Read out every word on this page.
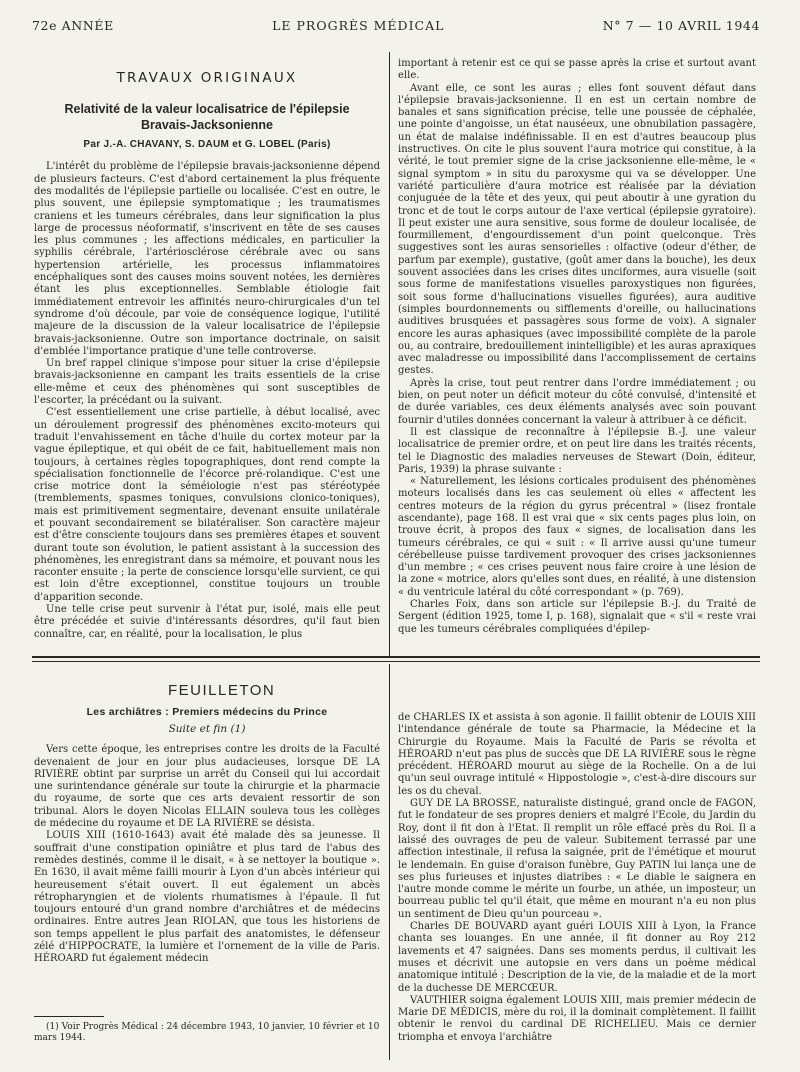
72e ANNÉE	LE PROGRÈS MÉDICAL	N° 7 — 10 AVRIL 1944
TRAVAUX ORIGINAUX
Relativité de la valeur localisatrice de l'épilepsie Bravais-Jacksonienne
Par J.-A. CHAVANY, S. DAUM et G. LOBEL (Paris)

L'intérêt du problème de l'épilepsie bravais-jacksonienne dépend de plusieurs facteurs. C'est d'abord certainement la plus fréquente des modalités de l'épilepsie partielle ou localisée. C'est en outre, le plus souvent, une épilepsie symptomatique ; les traumatismes craniens et les tumeurs cérébrales, dans leur signification la plus large de processus néoformatif, s'inscrivent en tête de ses causes les plus communes ; les affections médicales, en particulier la syphilis cérébrale, l'artériosclérose cérébrale avec ou sans hypertension artérielle, les processus inflammatoires encéphaliques sont des causes moins souvent notées, les dernières étant les plus exceptionnelles. Semblable étiologie fait immédiatement entrevoir les affinités neuro-chirurgicales d'un tel syndrome d'où découle, par voie de conséquence logique, l'utilité majeure de la discussion de la valeur localisatrice de l'épilepsie bravais-jacksonienne. Outre son importance doctrinale, on saisit d'emblée l'importance pratique d'une telle controverse.

Un bref rappel clinique s'impose pour situer la crise d'épilepsie bravais-jacksonienne en campant les traits essentiels de la crise elle-même et ceux des phénomènes qui sont susceptibles de l'escorter, la précédant ou la suivant.

C'est essentiellement une crise partielle, à début localisé, avec un déroulement progressif des phénomènes excito-moteurs qui traduit l'envahissement en tâche d'huile du cortex moteur par la vague épileptique, et qui obéit de ce fait, habituellement mais non toujours, à certaines règles topographiques, dont rend compte la spécialisation fonctionnelle de l'écorce pré-rolandique. C'est une crise motrice dont la séméiologie n'est pas stéréotypée (tremblements, spasmes toniques, convulsions clonico-toniques), mais est primitivement segmentaire, devenant ensuite unilatérale et pouvant secondairement se bilatéraliser. Son caractère majeur est d'être consciente toujours dans ses premières étapes et souvent durant toute son évolution, le patient assistant à la succession des phénomènes, les enregistrant dans sa mémoire, et pouvant nous les raconter ensuite ; la perte de conscience lorsqu'elle survient, ce qui est loin d'être exceptionnel, constitue toujours un trouble d'apparition seconde.

Une telle crise peut survenir à l'état pur, isolé, mais elle peut être précédée et suivie d'intéressants désordres, qu'il faut bien connaître, car, en réalité, pour la localisation, le plus

important à retenir est ce qui se passe après la crise et surtout avant elle.

Avant elle, ce sont les auras ; elles font souvent défaut dans l'épilepsie bravais-jacksonienne. Il en est un certain nombre de banales et sans signification précise, telle une poussée de céphalée, une pointe d'angoisse, un état nauséeux, une obnubilation passagère, un état de malaise indéfinissable. Il en est d'autres beaucoup plus instructives. On cite le plus souvent l'aura motrice qui constitue, à la vérité, le tout premier signe de la crise jacksonienne elle-même, le « signal symptom » in situ du paroxysme qui va se développer. Une variété particulière d'aura motrice est réalisée par la déviation conjuguée de la tête et des yeux, qui peut aboutir à une gyration du tronc et de tout le corps autour de l'axe vertical (épilepsie gyratoire). Il peut exister une aura sensitive, sous forme de douleur localisée, de fourmillement, d'engourdissement d'un point quelconque. Très suggestives sont les auras sensorielles : olfactive (odeur d'éther, de parfum par exemple), gustative, (goût amer dans la bouche), les deux souvent associées dans les crises dites unciformes, aura visuelle (soit sous forme de manifestations visuelles paroxystiques non figurées, soit sous forme d'hallucinations visuelles figurées), aura auditive (simples bourdonnements ou sifflements d'oreille, ou hallucinations auditives brusquées et passagères sous forme de voix). A signaler encore les auras aphasiques (avec impossibilité complète de la parole ou, au contraire, bredouillement inintelligible) et les auras apraxiques avec maladresse ou impossibilité dans l'accomplissement de certains gestes.

Après la crise, tout peut rentrer dans l'ordre immédiatement ; ou bien, on peut noter un déficit moteur du côté convulsé, d'intensité et de durée variables, ces deux éléments analysés avec soin pouvant fournir d'utiles données concernant la valeur à attribuer à ce déficit.

Il est classique de reconnaître à l'épilepsie B.-J. une valeur localisatrice de premier ordre, et on peut lire dans les traités récents, tel le Diagnostic des maladies nerveuses de Stewart (Doin, éditeur, Paris, 1939) la phrase suivante :

« Naturellement, les lésions corticales produisent des phénomènes moteurs localisés dans les cas seulement où elles « affectent les centres moteurs de la région du gyrus précentral » (lisez frontale ascendante), page 168. Il est vrai que « six cents pages plus loin, on trouve écrit, à propos des faux « signes, de localisation dans les tumeurs cérébrales, ce qui « suit : « Il arrive aussi qu'une tumeur cérébelleuse puisse tardivement provoquer des crises jacksoniennes d'un membre ; « ces crises peuvent nous faire croire à une lésion de la zone « motrice, alors qu'elles sont dues, en réalité, à une distension « du ventricule latéral du côté correspondant » (p. 769).

Charles Foix, dans son article sur l'épilepsie B.-J. du Traité de Sergent (édition 1925, tome I, p. 168), signalait que « s'il « reste vrai que les tumeurs cérébrales compliquées d'épilep-

FEUILLETON
Les archiâtres : Premiers médecins du Prince
Suite et fin (1)

Vers cette époque, les entreprises contre les droits de la Faculté devenaient de jour en jour plus audacieuses, lorsque DE LA RIVIÈRE obtint par surprise un arrêt du Conseil qui lui accordait une surintendance générale sur toute la chirurgie et la pharmacie du royaume, de sorte que ces arts devaient ressortir de son tribunal. Alors le doyen Nicolas ELLAIN souleva tous les collèges de médecine du royaume et DE LA RIVIÈRE se désista.

LOUIS XIII (1610-1643) avait été malade dès sa jeunesse. Il souffrait d'une constipation opiniâtre et plus tard de l'abus des remèdes destinés, comme il le disait, « à se nettoyer la boutique ». En 1630, il avait même failli mourir à Lyon d'un abcès intérieur qui heureusement s'était ouvert. Il eut également un abcès rétropharyngien et de violents rhumatismes à l'épaule. Il fut toujours entouré d'un grand nombre d'archiâtres et de médecins ordinaires. Entre autres Jean RIOLAN, que tous les historiens de son temps appellent le plus parfait des anatomistes, le défenseur zélé d'HIPPOCRATE, la lumière et l'ornement de la ville de Paris. HÉROARD fut également médecin

(1) Voir Progrès Médical : 24 décembre 1943, 10 janvier, 10 février et 10 mars 1944.

de CHARLES IX et assista à son agonie. Il faillit obtenir de LOUIS XIII l'intendance générale de toute sa Pharmacie, la Médecine et la Chirurgie du Royaume. Mais la Faculté de Paris se révolta et HÉROARD n'eut pas plus de succès que DE LA RIVIÈRE sous le règne précédent. HÉROARD mourut au siège de la Rochelle. On a de lui qu'un seul ouvrage intitulé « Hippostologie », c'est-à-dire discours sur les os du cheval.

GUY DE LA BROSSE, naturaliste distingué, grand oncle de FAGON, fut le fondateur de ses propres deniers et malgré l'Ecole, du Jardin du Roy, dont il fit don à l'Etat. Il remplit un rôle effacé près du Roi. Il a laissé des ouvrages de peu de valeur. Subitement terrassé par une affection intestinale, il refusa la saignée, prit de l'émétique et mourut le lendemain. En guise d'oraison funèbre, Guy PATIN lui lança une de ses plus furieuses et injustes diatribes : « Le diable le saignera en l'autre monde comme le mérite un fourbe, un athée, un imposteur, un bourreau public tel qu'il était, que même en mourant n'a eu non plus un sentiment de Dieu qu'un pourceau ».

Charles DE BOUVARD ayant guéri LOUIS XIII à Lyon, la France chanta ses louanges. En une année, il fit donner au Roy 212 lavements et 47 saignées. Dans ses moments perdus, il cultivait les muses et décrivit une autopsie en vers dans un poème médical anatomique intitulé : Description de la vie, de la maladie et de la mort de la duchesse DE MERCŒUR.

VAUTHIER soigna également LOUIS XIII, mais premier médecin de Marie DE MÉDICIS, mère du roi, il la dominait complètement. Il faillit obtenir le renvoi du cardinal DE RICHELIEU. Mais ce dernier triompha et envoya l'archiâtre
